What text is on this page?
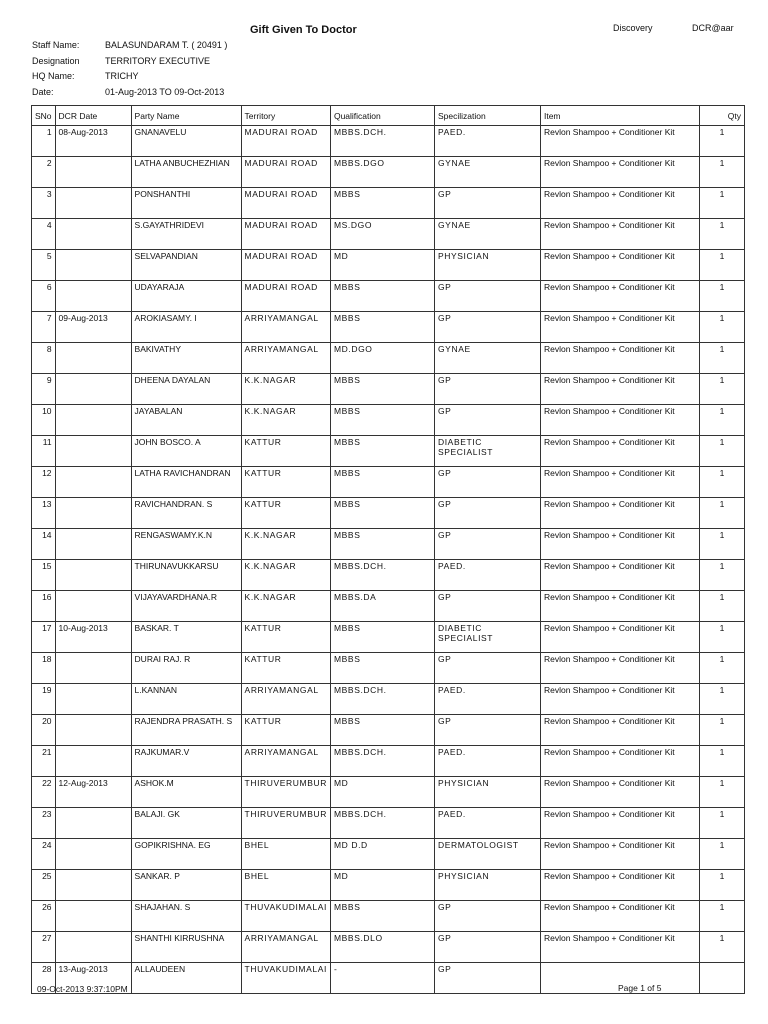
Gift Given To Doctor	Discovery	DCR@aar
Staff Name:	BALASUNDARAM T. ( 20491 )
Designation	TERRITORY EXECUTIVE
HQ Name:	TRICHY
Date:	01-Aug-2013 TO 09-Oct-2013
SNo	DCR Date	Party Name	Territory	Qualification	Specilization	Item	Qty
1	08-Aug-2013	GNANAVELU	MADURAI ROAD	MBBS.DCH.	PAED.	Revlon Shampoo + Conditioner Kit	1
2		LATHA ANBUCHEZHIAN	MADURAI ROAD	MBBS.DGO	GYNAE	Revlon Shampoo + Conditioner Kit	1
3		PONSHANTHI	MADURAI ROAD	MBBS	GP	Revlon Shampoo + Conditioner Kit	1
4		S.GAYATHRIDEVI	MADURAI ROAD	MS.DGO	GYNAE	Revlon Shampoo + Conditioner Kit	1
5		SELVAPANDIAN	MADURAI ROAD	MD	PHYSICIAN	Revlon Shampoo + Conditioner Kit	1
6		UDAYARAJA	MADURAI ROAD	MBBS	GP	Revlon Shampoo + Conditioner Kit	1
7	09-Aug-2013	AROKIASAMY. I	ARRIYAMANGAL	MBBS	GP	Revlon Shampoo + Conditioner Kit	1
8		BAKIVATHY	ARRIYAMANGAL	MD.DGO	GYNAE	Revlon Shampoo + Conditioner Kit	1
9		DHEENA DAYALAN	K.K.NAGAR	MBBS	GP	Revlon Shampoo + Conditioner Kit	1
10		JAYABALAN	K.K.NAGAR	MBBS	GP	Revlon Shampoo + Conditioner Kit	1
11		JOHN BOSCO. A	KATTUR	MBBS	DIABETIC SPECIALIST	Revlon Shampoo + Conditioner Kit	1
12		LATHA RAVICHANDRAN	KATTUR	MBBS	GP	Revlon Shampoo + Conditioner Kit	1
13		RAVICHANDRAN. S	KATTUR	MBBS	GP	Revlon Shampoo + Conditioner Kit	1
14		RENGASWAMY.K.N	K.K.NAGAR	MBBS	GP	Revlon Shampoo + Conditioner Kit	1
15		THIRUNAVUKKARSU	K.K.NAGAR	MBBS.DCH.	PAED.	Revlon Shampoo + Conditioner Kit	1
16		VIJAYAVARDHANA.R	K.K.NAGAR	MBBS.DA	GP	Revlon Shampoo + Conditioner Kit	1
17	10-Aug-2013	BASKAR. T	KATTUR	MBBS	DIABETIC SPECIALIST	Revlon Shampoo + Conditioner Kit	1
18		DURAI RAJ. R	KATTUR	MBBS	GP	Revlon Shampoo + Conditioner Kit	1
19		L.KANNAN	ARRIYAMANGAL	MBBS.DCH.	PAED.	Revlon Shampoo + Conditioner Kit	1
20		RAJENDRA PRASATH. S	KATTUR	MBBS	GP	Revlon Shampoo + Conditioner Kit	1
21		RAJKUMAR.V	ARRIYAMANGAL	MBBS.DCH.	PAED.	Revlon Shampoo + Conditioner Kit	1
22	12-Aug-2013	ASHOK.M	THIRUVERUMBUR	MD	PHYSICIAN	Revlon Shampoo + Conditioner Kit	1
23		BALAJI. GK	THIRUVERUMBUR	MBBS.DCH.	PAED.	Revlon Shampoo + Conditioner Kit	1
24		GOPIKRISHNA. EG	BHEL	MD D.D	DERMATOLOGIST	Revlon Shampoo + Conditioner Kit	1
25		SANKAR. P	BHEL	MD	PHYSICIAN	Revlon Shampoo + Conditioner Kit	1
26		SHAJAHAN. S	THUVAKUDIMALAI	MBBS	GP	Revlon Shampoo + Conditioner Kit	1
27		SHANTHI KIRRUSHNA	ARRIYAMANGAL	MBBS.DLO	GP	Revlon Shampoo + Conditioner Kit	1
28	13-Aug-2013	ALLAUDEEN	THUVAKUDIMALAI	-	GP		
09-Oct-2013 9:37:10PM	Page 1 of 5
